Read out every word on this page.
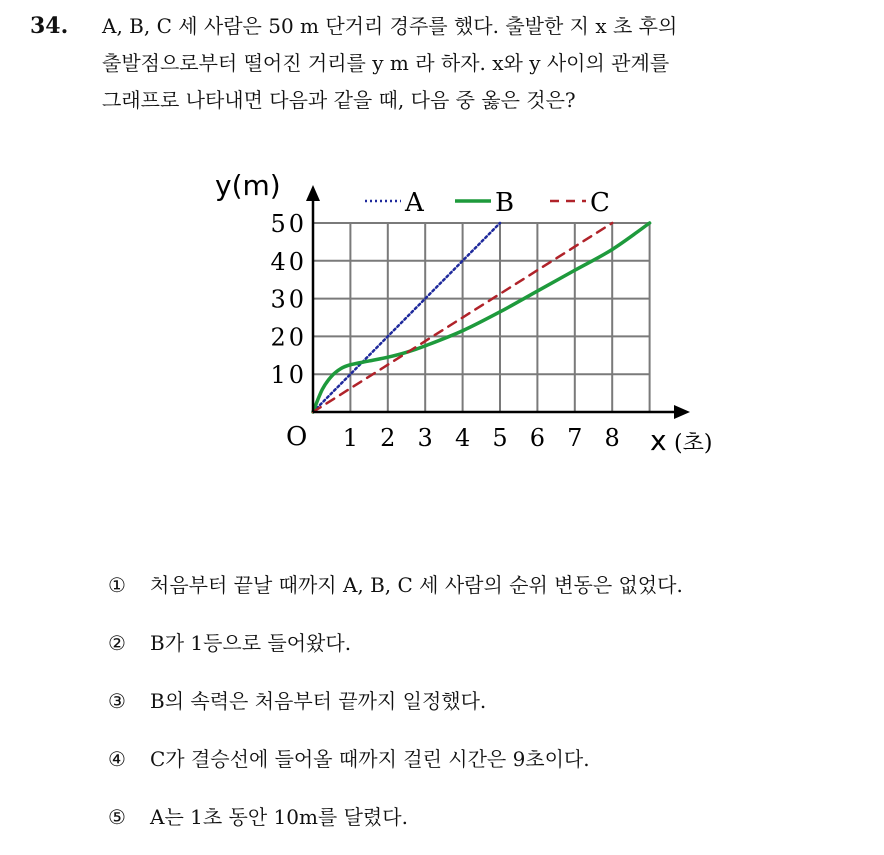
34. A, B, C 세 사람은 50 m 단거리 경주를 했다. 출발한 지 x 초 후의
출발점으로부터 떨어진 거리를 y m 라 하자. x와 y 사이의 관계를
그래프로 나타내면 다음과 같을 때, 다음 중 옳은 것은?
y(m)
O	x (초)
1 2 3 4 5 6 7 8
10
20
30
40
50
A	B	C
①	처음부터 끝날 때까지 A, B, C 세 사람의 순위 변동은 없었다.
②	B가 1등으로 들어왔다.
③	B의 속력은 처음부터 끝까지 일정했다.
④	C가 결승선에 들어올 때까지 걸린 시간은 9초이다.
⑤	A는 1초 동안 10m를 달렸다.
